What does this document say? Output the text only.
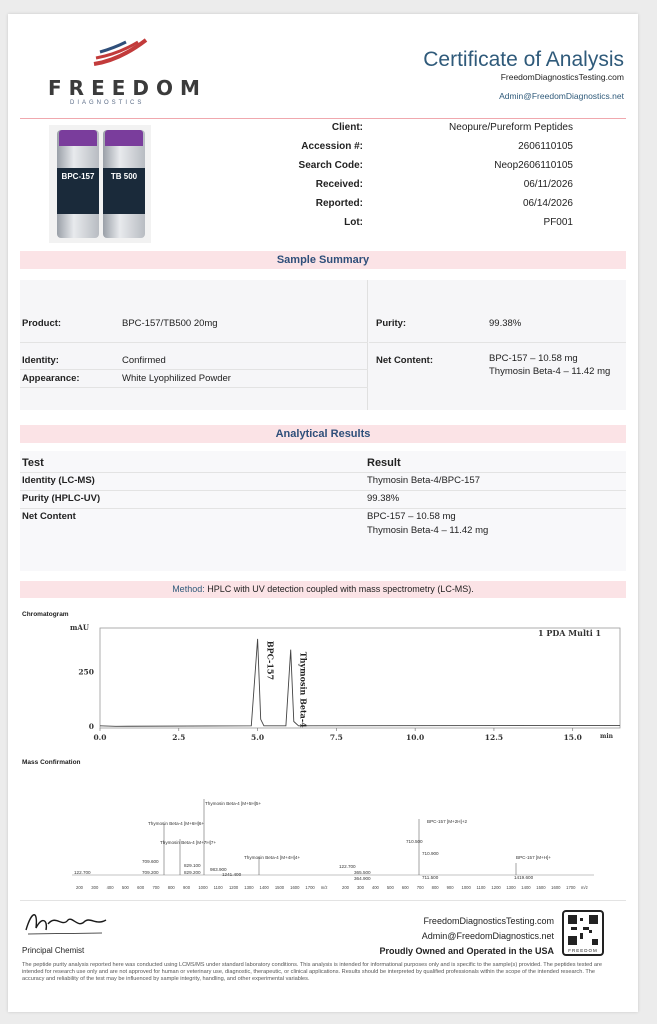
FREEDOM
DIAGNOSTICS
Certificate of Analysis
FreedomDiagnosticsTesting.com
Admin@FreedomDiagnostics.net
BPC-157	TB 500
Client:	Neopure/Pureform Peptides
Accession #:	2606110105
Search Code:	Neop2606110105
Received:	06/11/2026
Reported:	06/14/2026
Lot:	PF001
Sample Summary
Product:	BPC-157/TB500 20mg
Identity:	Confirmed
Appearance:	White Lyophilized Powder
Purity:	99.38%
Net Content:	BPC-157 – 10.58 mg
Thymosin Beta-4 – 11.42 mg
Analytical Results
Test	Result
Identity (LC-MS)	Thymosin Beta-4/BPC-157
Purity (HPLC-UV)	99.38%
Net Content	BPC-157 – 10.58 mg
Thymosin Beta-4 – 11.42 mg
Method: HPLC with UV detection coupled with mass spectrometry (LC-MS).
Chromatogram
mAU
1 PDA Multi 1
min
0.0	2.5	5.0	7.5	10.0	12.5	15.0
250
0
BPC-157	Thymosin Beta-4
Mass Confirmation
Thymosin Beta-4 [M+5H]5+
Thymosin Beta-4 [M+6H]6+
Thymosin Beta-4 [M+7H]7+
Thymosin Beta-4 [M+4H]4+
BPC-157 [M+2H]+2
BPC-157 [M+H]+
122.700
709.600
709.200
829.100
829.200
983.900
1241.400
122.700
365.500
364.900
710.500
710.900
711.500	1419.600
200 300 400 500 600 700 800 900 1000 1100 1200 1300 1400 1500 1600 1700 m/z	200 300 400 500 600 700 800 900 1000 1100 1200 1300 1400 1500 1600 1700 m/z
Principal Chemist
FreedomDiagnosticsTesting.com
Admin@FreedomDiagnostics.net
Proudly Owned and Operated in the USA	FREEDOM
The peptide purity analysis reported here was conducted using LCMS/MS under standard laboratory conditions. This analysis is intended for informational purposes only and is specific to the sample(s) provided. The peptides tested are intended for research use only and are not approved for human or veterinary use, diagnostic, therapeutic, or clinical applications. Results should be interpreted by qualified professionals within the scope of the intended research. The accuracy and reliability of the test may be influenced by sample integrity, handling, and other experimental variables.
